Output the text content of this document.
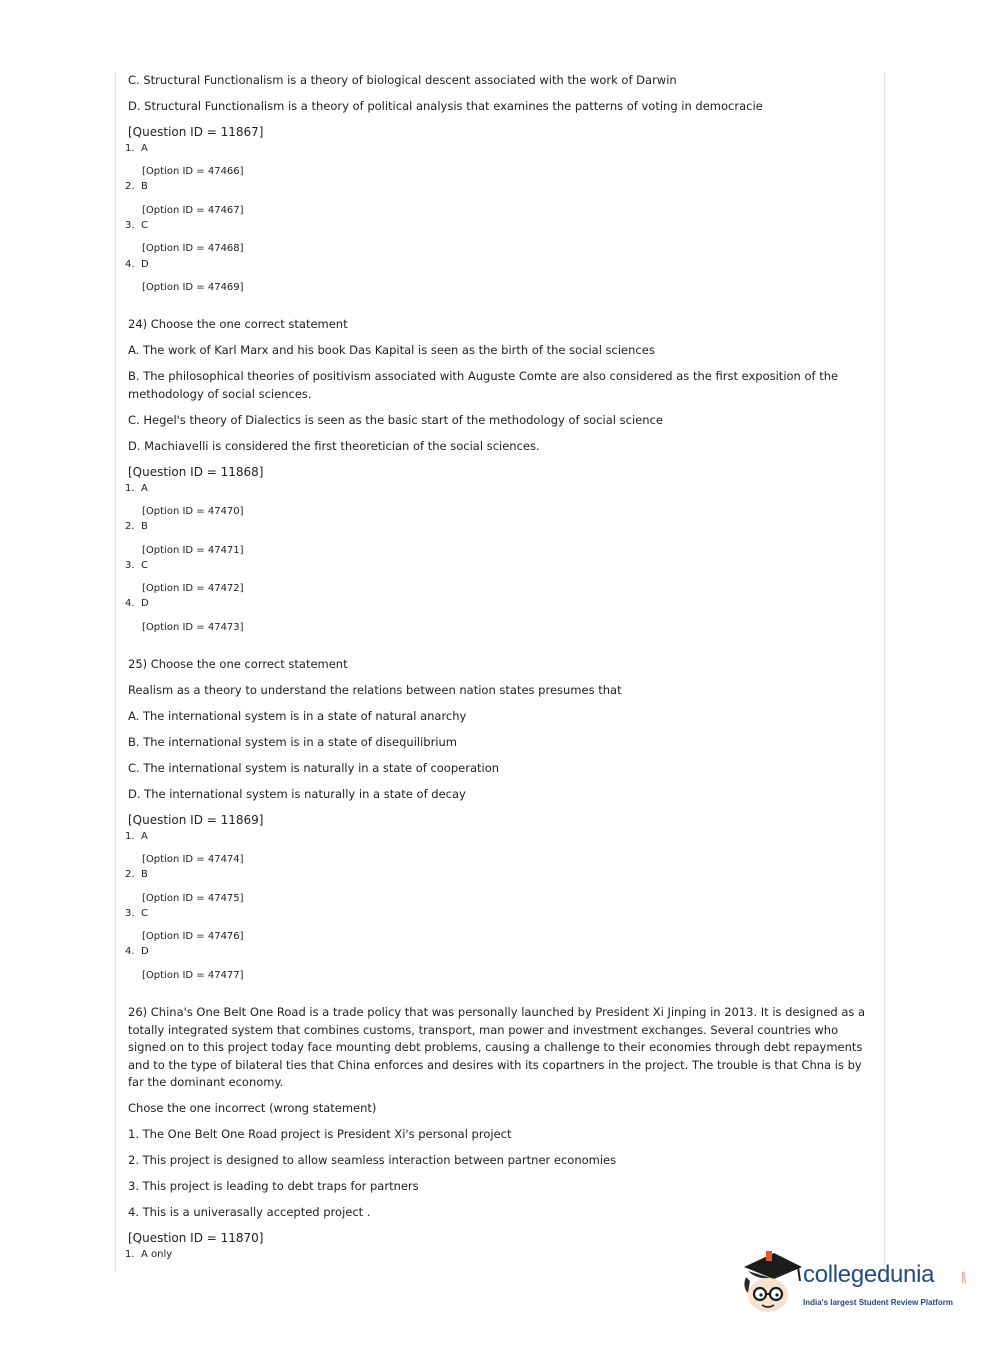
C. Structural Functionalism is a theory of biological descent associated with the work of Darwin

D. Structural Functionalism is a theory of political analysis that examines the patterns of voting in democracie

[Question ID = 11867]
1. A
[Option ID = 47466]
2. B
[Option ID = 47467]
3. C
[Option ID = 47468]
4. D
[Option ID = 47469]

24) Choose the one correct statement

A. The work of Karl Marx and his book Das Kapital is seen as the birth of the social sciences

B. The philosophical theories of positivism associated with Auguste Comte are also considered as the first exposition of the methodology of social sciences.

C. Hegel's theory of Dialectics is seen as the basic start of the methodology of social science

D. Machiavelli is considered the first theoretician of the social sciences.

[Question ID = 11868]
1. A
[Option ID = 47470]
2. B
[Option ID = 47471]
3. C
[Option ID = 47472]
4. D
[Option ID = 47473]

25) Choose the one correct statement

Realism as a theory to understand the relations between nation states presumes that

A. The international system is in a state of natural anarchy

B. The international system is in a state of disequilibrium

C. The international system is naturally in a state of cooperation

D. The international system is naturally in a state of decay

[Question ID = 11869]
1. A
[Option ID = 47474]
2. B
[Option ID = 47475]
3. C
[Option ID = 47476]
4. D
[Option ID = 47477]

26) China's One Belt One Road is a trade policy that was personally launched by President Xi Jinping in 2013. It is designed as a totally integrated system that combines customs, transport, man power and investment exchanges. Several countries who signed on to this project today face mounting debt problems, causing a challenge to their economies through debt repayments and to the type of bilateral ties that China enforces and desires with its copartners in the project. The trouble is that Chna is by far the dominant economy.

Chose the one incorrect (wrong statement)

1. The One Belt One Road project is President Xi's personal project

2. This project is designed to allow seamless interaction between partner economies

3. This project is leading to debt traps for partners

4. This is a univerasally accepted project .

[Question ID = 11870]
1. A only
collegedunia	.com
India's largest Student Review Platform
